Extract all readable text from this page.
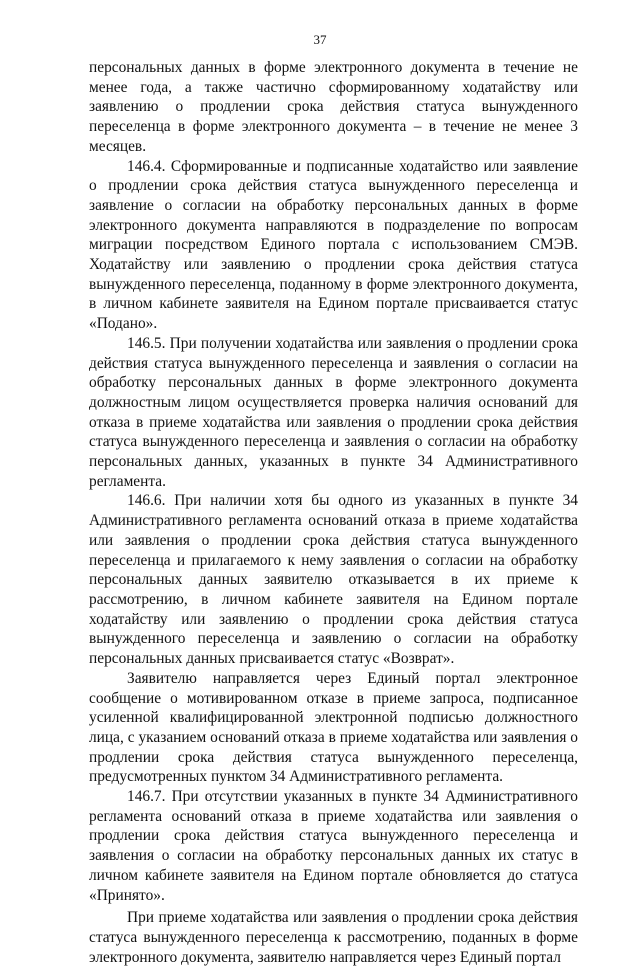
37

персональных данных в форме электронного документа в течение не менее года, а также частично сформированному ходатайству или заявлению о продлении срока действия статуса вынужденного переселенца в форме электронного документа – в течение не менее 3 месяцев.

146.4. Сформированные и подписанные ходатайство или заявление о продлении срока действия статуса вынужденного переселенца и заявление о согласии на обработку персональных данных в форме электронного документа направляются в подразделение по вопросам миграции посредством Единого портала с использованием СМЭВ. Ходатайству или заявлению о продлении срока действия статуса вынужденного переселенца, поданному в форме электронного документа, в личном кабинете заявителя на Едином портале присваивается статус «Подано».

146.5. При получении ходатайства или заявления о продлении срока действия статуса вынужденного переселенца и заявления о согласии на обработку персональных данных в форме электронного документа должностным лицом осуществляется проверка наличия оснований для отказа в приеме ходатайства или заявления о продлении срока действия статуса вынужденного переселенца и заявления о согласии на обработку персональных данных, указанных в пункте 34 Административного регламента.

146.6. При наличии хотя бы одного из указанных в пункте 34 Административного регламента оснований отказа в приеме ходатайства или заявления о продлении срока действия статуса вынужденного переселенца и прилагаемого к нему заявления о согласии на обработку персональных данных заявителю отказывается в их приеме к рассмотрению, в личном кабинете заявителя на Едином портале ходатайству или заявлению о продлении срока действия статуса вынужденного переселенца и заявлению о согласии на обработку персональных данных присваивается статус «Возврат».

Заявителю направляется через Единый портал электронное сообщение о мотивированном отказе в приеме запроса, подписанное усиленной квалифицированной электронной подписью должностного лица, с указанием оснований отказа в приеме ходатайства или заявления о продлении срока действия статуса вынужденного переселенца, предусмотренных пунктом 34 Административного регламента.

146.7. При отсутствии указанных в пункте 34 Административного регламента оснований отказа в приеме ходатайства или заявления о продлении срока действия статуса вынужденного переселенца и заявления о согласии на обработку персональных данных их статус в личном кабинете заявителя на Едином портале обновляется до статуса «Принято».

При приеме ходатайства или заявления о продлении срока действия статуса вынужденного переселенца к рассмотрению, поданных в форме электронного документа, заявителю направляется через Единый портал
